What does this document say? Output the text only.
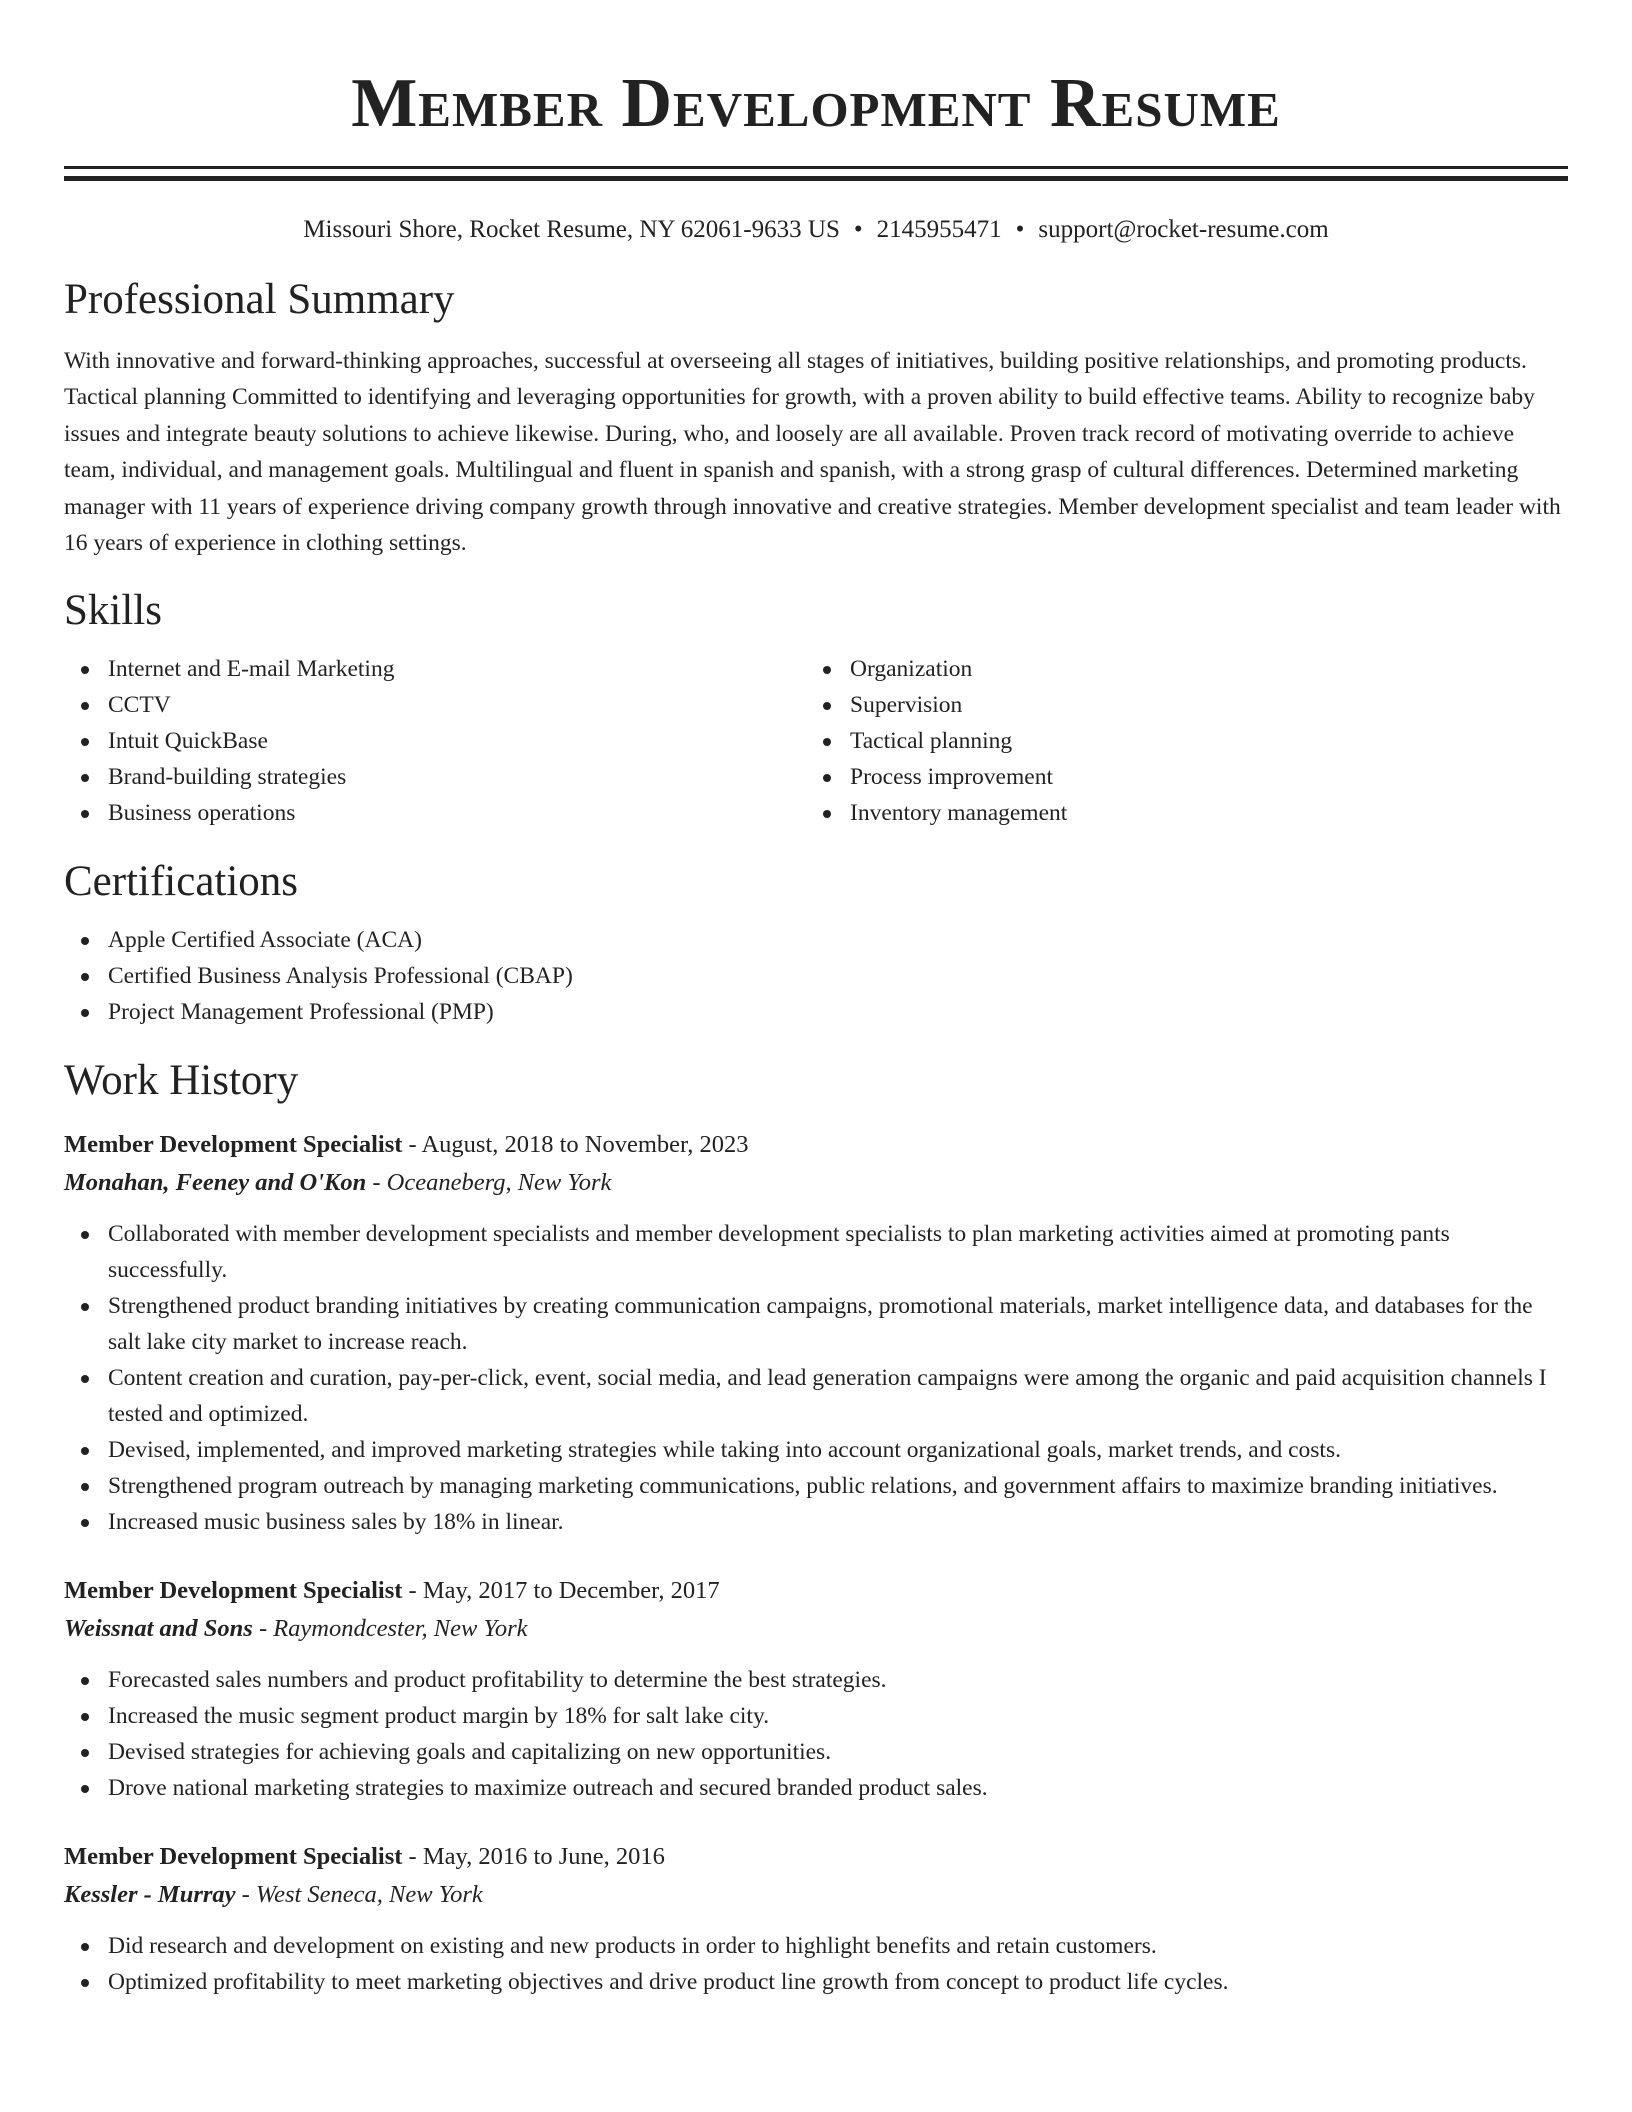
Member Development Resume
Missouri Shore, Rocket Resume, NY 62061-9633 US • 2145955471 • support@rocket-resume.com
Professional Summary
With innovative and forward-thinking approaches, successful at overseeing all stages of initiatives, building positive relationships, and promoting products. Tactical planning Committed to identifying and leveraging opportunities for growth, with a proven ability to build effective teams. Ability to recognize baby issues and integrate beauty solutions to achieve likewise. During, who, and loosely are all available. Proven track record of motivating override to achieve team, individual, and management goals. Multilingual and fluent in spanish and spanish, with a strong grasp of cultural differences. Determined marketing manager with 11 years of experience driving company growth through innovative and creative strategies. Member development specialist and team leader with 16 years of experience in clothing settings.
Skills
Internet and E-mail Marketing
CCTV
Intuit QuickBase
Brand-building strategies
Business operations
Organization
Supervision
Tactical planning
Process improvement
Inventory management
Certifications
Apple Certified Associate (ACA)
Certified Business Analysis Professional (CBAP)
Project Management Professional (PMP)
Work History
Member Development Specialist - August, 2018 to November, 2023
Monahan, Feeney and O'Kon - Oceaneberg, New York
Collaborated with member development specialists and member development specialists to plan marketing activities aimed at promoting pants successfully.
Strengthened product branding initiatives by creating communication campaigns, promotional materials, market intelligence data, and databases for the salt lake city market to increase reach.
Content creation and curation, pay-per-click, event, social media, and lead generation campaigns were among the organic and paid acquisition channels I tested and optimized.
Devised, implemented, and improved marketing strategies while taking into account organizational goals, market trends, and costs.
Strengthened program outreach by managing marketing communications, public relations, and government affairs to maximize branding initiatives.
Increased music business sales by 18% in linear.
Member Development Specialist - May, 2017 to December, 2017
Weissnat and Sons - Raymondcester, New York
Forecasted sales numbers and product profitability to determine the best strategies.
Increased the music segment product margin by 18% for salt lake city.
Devised strategies for achieving goals and capitalizing on new opportunities.
Drove national marketing strategies to maximize outreach and secured branded product sales.
Member Development Specialist - May, 2016 to June, 2016
Kessler - Murray - West Seneca, New York
Did research and development on existing and new products in order to highlight benefits and retain customers.
Optimized profitability to meet marketing objectives and drive product line growth from concept to product life cycles.
